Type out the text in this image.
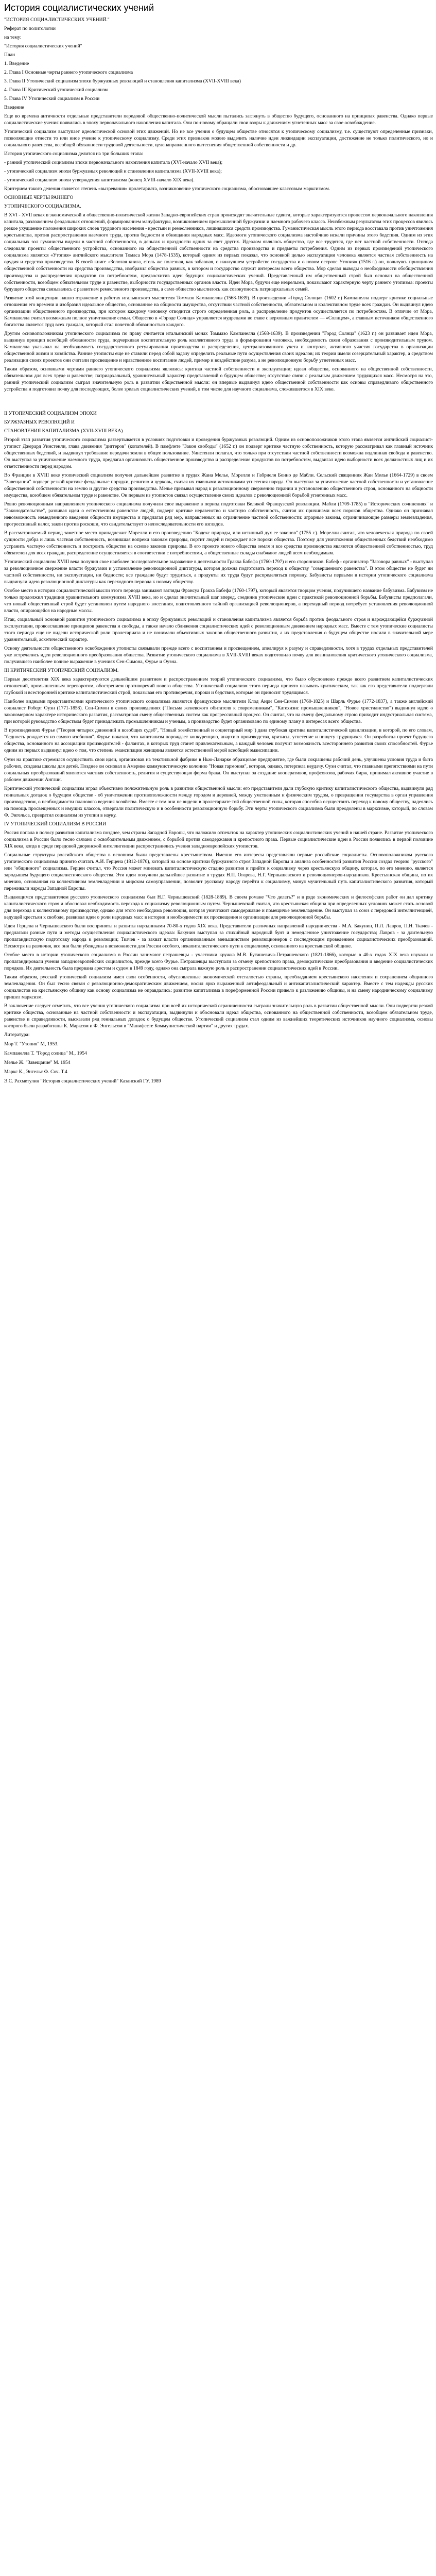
История социалистических учений

"ИСТОРИЯ СОЦИАЛИСТИЧЕСКИХ УЧЕНИЙ."

Реферат по политологии

на тему:

"История социалистических учений"

План

1. Введение

2. Глава I Основные черты раннего утопического социализма

3. Глава II Утопический социализм эпохи буржуазных революций и становления капитализма (XVII-XVIII века)

4. Глава III Критический утопический социализм

5. Глава IV Утопический социализм в России

Введение

Еще во времена античности отдельные представители передовой общественно-политической мысли пытались заглянуть в общество будущего, основанного на принципах равенства. Однако первые социалистические учения появились в эпоху первоначального накопления капитала. Они по-новому обращали свои взоры к движениям угнетенных масс за свое освобождение.

Утопический социализм выступает идеологической основой этих движений. Но не все учения о будущем обществе относятся к утопическому социализму, т.е. существуют определенные признаки, позволяющие отнести то или иное учение к утопическому социализму. Среди этих признаков можно выделить наличие идеи ликвидации эксплуатации, достижение не только политического, но и социального равенства, всеобщей обязанности трудовой деятельности, целенаправленного вытеснения общественной собственности и др.

История утопического социализма делится на три больших этапа:

- ранний утопический социализм эпохи первоначального накопления капитала (XVI-начало XVII века);

- утопический социализм эпохи буржуазных революций и становления капитализма (XVII-XVIII века);

- утопический социализм эпохи утверждения капитализма (конец XVIII-начало XIX века).

Критерием такого деления является степень «вызревания» пролетариата, возникновение утопического социализма, обосновавшее классовым марксизмом.

ОСНОВНЫЕ ЧЕРТЫ РАННЕГО

УТОПИЧЕСКОГО СОЦИАЛИЗМА.

В XVI - XVII веках в экономической и общественно-политической жизни Западно-европейских стран происходят значительные сдвиги, которые характеризуются процессом первоначального накопления капитала, разложением феодальных отношений, формированием мануфактуры, возникновением промышленной буржуазии и наемного рабочего класса. Неизбежным результатом этих процессов явилось резкое ухудшение положения широких слоев трудового населения - крестьян и ремесленников, лишившихся средств производства. Гуманистическая мысль этого периода восставала против уничтожения крестьянства, против распространения наемного труда, против бедности и обнищания народных масс. Идеологи утопического социализма настойчиво искали причины этого бедствия. Одним из этих социальных зол гуманисты видели в частной собственности, в деньгах и праздности одних за счет других. Идеалом являлось общество, где все трудятся, где нет частной собственности. Отсюда следовали проекты общественного устройства, основанного на общественной собственности на средства производства и предметы потребления. Одним из первых произведений утопического социализма является «Утопия» английского мыслителя Томаса Мора (1478-1535), который одним из первых показал, что основной целью эксплуатации человека является частная собственность на орудия и средства производства. В своей книге «Золотая книга, столь же полезная, как забавная, о наилучшем устройстве государства и о новом острове Утопия» (1516 г.) он, пользуясь принципом общественной собственности на средства производства, изобразил общество равных, в котором и государство служит интересам всего общества. Мор сделал выводы о необходимости обобществления производства и распределения продуктов по потребностям, предвосхитив идеи будущих социалистических учений. Представленный им общественный строй был основан на общественной собственности, всеобщем обязательном труде и равенстве, выборности государственных органов власти. Идеи Мора, будучи еще незрелыми, показывают характерную черту раннего утопизма: проекты будущего общества связывались с развитием ремесленного производства, а само общество мыслилось как совокупность патриархальных семей.

Развитие этой концепции нашло отражение в работах итальянского мыслителя Томмазо Кампанеллы (1568-1639). В произведении «Город Солнца» (1602 г.) Кампанелла подверг критике социальные отношения его времени и изобразил идеальное общество, основанное на общности имущества, отсутствии частной собственности, обязательном и коллективном труде всех граждан. Он выдвинул идею организации общественного производства, при котором каждому человеку отводится строго определенная роль, а распределение продуктов осуществляется по потребностям. В отличие от Мора, Кампанелла считал возможным полное уничтожение семьи. Общество в «Городе Солнца» управляется мудрецами во главе с верховным правителем — «Солнцем», а главным источником общественного богатства является труд всех граждан, который стал почетной обязанностью каждого.

Другим основоположником утопического социализма по праву считается итальянский монах Томмазо Кампанелла (1568-1639). В произведении "Город Солнца" (1623 г.) он развивает идеи Мора, выдвинув принцип всеобщей обязанности труда, подчеркивая воспитательную роль коллективного труда в формировании человека, необходимость связи образования с производительным трудом. Кампанелла указывал на необходимость государственного регулирования производства и распределения, централизованного учета и контроля, активного участия государства в организации общественной жизни и хозяйства. Ранние утописты еще не ставили перед собой задачу определить реальные пути осуществления своих идеалов; их теории имели созерцательный характер, а средством реализации своих проектов они считали просвещение и нравственное воспитание людей, пример и воздействие разума, а не революционную борьбу угнетенных масс.

Таким образом, основными чертами раннего утопического социализма являлись: критика частной собственности и эксплуатации; идеал общества, основанного на общественной собственности, обязательном для всех труде и равенстве; патриархальный, уравнительный характер представлений о будущем обществе; отсутствие связи с реальным движением трудящихся масс. Несмотря на это, ранний утопический социализм сыграл значительную роль в развитии общественной мысли: он впервые выдвинул идею общественной собственности как основы справедливого общественного устройства и подготовил почву для последующих, более зрелых социалистических учений, в том числе для научного социализма, сложившегося в XIX веке.

II УТОПИЧЕСКИЙ СОЦИАЛИЗМ ЭПОХИ

БУРЖУАЗНЫХ РЕВОЛЮЦИЙ И

СТАНОВЛЕНИЯ КАПИТАЛИЗМА (XVII-XVIII ВЕКА)

Второй этап развития утопического социализма развертывается в условиях подготовки и проведения буржуазных революций. Одним из основоположников этого этапа является английский социалист-утопист Джерард Уинстенли, глава движения "диггеров" (копателей). В памфлете "Закон свободы" (1652 г.) он подверг критике частную собственность, которую рассматривал как главный источник общественных бедствий, и выдвинул требование передачи земли в общее пользование. Уинстенли полагал, что только при отсутствии частной собственности возможна подлинная свобода и равенство. Он выступал за уничтожение наемного труда, предлагал организовать общественное производство и распределение продуктов по потребностям, выдвигал идею выборности всех должностных лиц и их ответственности перед народом.

Во Франции в XVIII веке утопический социализм получил дальнейшее развитие в трудах Жана Мелье, Морелли и Габриеля Бонно де Мабли. Сельский священник Жан Мелье (1664-1729) в своем "Завещании" подверг резкой критике феодальные порядки, религию и церковь, считая их главными источниками угнетения народа. Он выступал за уничтожение частной собственности и установление общественной собственности на землю и другие средства производства. Мелье призывал народ к революционному свержению тирании и установлению общественного строя, основанного на общности имущества, всеобщем обязательном труде и равенстве. Он первым из утопистов связал осуществление своих идеалов с революционной борьбой угнетенных масс.

Ровно революционным направлением утопического социализма получили свое выражение в период подготовки Великой Французской революции. Мабли (1709-1785) в "Исторических сочинениях" и "Законодательстве", развивая идеи о естественном равенстве людей, подверг критике неравенство и частную собственность, считая их причинами всех пороков общества. Однако он признавал невозможность немедленного введения общности имущества и предлагал ряд мер, направленных на ограничение частной собственности: аграрные законы, ограничивающие размеры землевладения, прогрессивный налог, закон против роскоши, что свидетельствует о непоследовательности его взглядов.

В рассматриваемый период заметное место принадлежит Морелли и его произведению "Кодекс природы, или истинный дух ее законов" (1755 г.). Морелли считал, что человеческая природа по своей сущности добра и лишь частная собственность, возникшая вопреки законам природы, портит людей и порождает все пороки общества. Поэтому для уничтожения общественных бедствий необходимо устранить частную собственность и построить общество на основе законов природы. В его проекте нового общества земля и все средства производства являются общественной собственностью, труд обязателен для всех граждан, распределение осуществляется в соответствии с потребностями, а общественные склады снабжают людей всем необходимым.

Утопический социализм XVIII века получил свое наиболее последовательное выражение в деятельности Гракха Бабефа (1760-1797) и его сторонников. Бабеф - организатор "Заговора равных" - выступал за революционное свержение власти буржуазии и установление революционной диктатуры, которая должна подготовить переход к обществу "совершенного равенства". В этом обществе не будет ни частной собственности, ни эксплуатации, ни бедности; все граждане будут трудиться, а продукты их труда будут распределяться поровну. Бабувисты первыми в истории утопического социализма выдвинули идею революционной диктатуры как переходного периода к новому обществу.

Особое место в истории социалистической мысли этого периода занимают взгляды Франсуа Гракха Бабефа (1760-1797), который является творцом учения, получившего название бабувизма. Бабувизм не только продолжил традиции уравнительного коммунизма XVIII века, но и сделал значительный шаг вперед, соединив утопические идеи с практикой революционной борьбы. Бабувисты предполагали, что новый общественный строй будет установлен путем народного восстания, подготовленного тайной организацией революционеров, а переходный период потребует установления революционной власти, опирающейся на народные массы.

Итак, социальный основной развития утопического социализма в эпоху буржуазных революций и становления капитализма является борьба против феодального строя и нарождающейся буржуазной эксплуатации, провозглашение принципов равенства и свободы, а также начало сближения социалистических идей с революционным движением народных масс. Вместе с тем утопические социалисты этого периода еще не видели исторической роли пролетариата и не понимали объективных законов общественного развития, а их представления о будущем обществе носили в значительной мере уравнительный, аскетический характер.

Основу деятельности общественного освобождения утописты связывали прежде всего с воспитанием и просвещением, апеллируя к разуму и справедливости, хотя в трудах отдельных представителей уже встречались идеи революционного преобразования общества. Развитие утопического социализма в XVII-XVIII веках подготовило почву для возникновения критического утопического социализма, получившего наиболее полное выражение в учениях Сен-Симона, Фурье и Оуэна.

III КРИТИЧЕСКИЙ УТОПИЧЕСКИЙ СОЦИАЛИЗМ.

Первые десятилетия XIX века характеризуются дальнейшим развитием и распространением теорий утопического социализма, что было обусловлено прежде всего развитием капиталистических отношений, промышленным переворотом, обострением противоречий нового общества. Утопический социализм этого периода принято называть критическим, так как его представители подвергали глубокой и всесторонней критике капиталистический строй, показывая его противоречия, пороки и бедствия, которые он приносит трудящимся.

Наиболее видными представителями критического утопического социализма являются французские мыслители Клод Анри Сен-Симон (1760-1825) и Шарль Фурье (1772-1837), а также английский социалист Роберт Оуэн (1771-1858). Сен-Симон в своих произведениях ("Письма женевского обитателя к современникам", "Катехизис промышленников", "Новое христианство") выдвинул идею о закономерном характере исторического развития, рассматривая смену общественных систем как прогрессивный процесс. Он считал, что на смену феодальному строю приходит индустриальная система, при которой руководство обществом будет принадлежать промышленникам и ученым, а производство будет организовано по единому плану в интересах всего общества.

В произведениях Фурье ("Теория четырех движений и всеобщих судеб", "Новый хозяйственный и социетарный мир") дана глубокая критика капиталистической цивилизации, в которой, по его словам, "бедность рождается из самого изобилия". Фурье показал, что капитализм порождает конкуренцию, анархию производства, кризисы, угнетение и нищету трудящихся. Он разработал проект будущего общества, основанного на ассоциации производителей - фалангах, в которых труд станет привлекательным, а каждый человек получит возможность всестороннего развития своих способностей. Фурье одним из первых выдвинул идею о том, что степень эмансипации женщины является естественной мерой всеобщей эмансипации.

Оуэн на практике стремился осуществить свои идеи, организовав на текстильной фабрике в Нью-Ланарке образцовое предприятие, где были сокращены рабочий день, улучшены условия труда и быта рабочих, созданы школы для детей. Позднее он основал в Америке коммунистическую колонию "Новая гармония", которая, однако, потерпела неудачу. Оуэн считал, что главными препятствиями на пути социальных преобразований являются частная собственность, религия и существующая форма брака. Он выступал за создание кооперативов, профсоюзов, рабочих бирж, принимал активное участие в рабочем движении Англии.

Критический утопический социализм играл объективно положительную роль в развитии общественной мысли: его представители дали глубокую критику капиталистического общества, выдвинули ряд гениальных догадок о будущем обществе - об уничтожении противоположности между городом и деревней, между умственным и физическим трудом, о превращении государства в орган управления производством, о необходимости планового ведения хозяйства. Вместе с тем они не видели в пролетариате той общественной силы, которая способна осуществить переход к новому обществу, надеялись на помощь просвещенных и имущих классов, отвергали политическую и в особенности революционную борьбу. Эти черты утопического социализма были преодолены в марксизме, который, по словам Ф. Энгельса, превратил социализм из утопии в науку.

IV УТОПИЧЕСКИЙ СОЦИАЛИЗМ В РОССИИ

Россия попала в полосу развития капитализма позднее, чем страны Западной Европы, что наложило отпечаток на характер утопических социалистических учений в нашей стране. Развитие утопического социализма в России было тесно связано с освободительным движением, с борьбой против самодержавия и крепостного права. Первые социалистические идеи в России появились в первой половине XIX века, когда в среде передовой дворянской интеллигенции распространились учения западноевропейских утопистов.

Социальные структуры российского общества в основном были представлены крестьянством. Именно его интересы представляли первые российские социалисты. Основоположником русского утопического социализма принято считать А.И. Герцена (1812-1870), который на основе критики буржуазного строя Западной Европы и анализа особенностей развития России создал теорию "русского" или "общинного" социализма. Герцен считал, что Россия может миновать капиталистическую стадию развития и прийти к социализму через крестьянскую общину, которая, по его мнению, является зародышем будущего социалистического общества. Эти идеи получили дальнейшее развитие в трудах Н.П. Огарева, Н.Г. Чернышевского и революционеров-народников. Крестьянская община, по их мнению, основанная на коллективном землевладении и мирском самоуправлении, позволит русскому народу перейти к социализму, минуя мучительный путь капиталистического развития, который переживали народы Западной Европы.

Выдающимся представителем русского утопического социализма был Н.Г. Чернышевский (1828-1889). В своем романе "Что делать?" и в ряде экономических и философских работ он дал критику капиталистического строя и обосновал необходимость перехода к социализму революционным путем. Чернышевский считал, что крестьянская община при определенных условиях может стать основой для перехода к коллективному производству, однако для этого необходима революция, которая уничтожит самодержавие и помещичье землевладение. Он выступал за союз с передовой интеллигенцией, ведущей крестьян к свободе, развивал идеи о роли народных масс в истории и необходимости их просвещения и организации для революционной борьбы.

Идеи Герцена и Чернышевского были восприняты и развиты народниками 70-80-х годов XIX века. Представители различных направлений народничества - М.А. Бакунин, П.Л. Лавров, П.Н. Ткачев - предлагали разные пути и методы осуществления социалистического идеала: Бакунин выступал за стихийный народный бунт и немедленное уничтожение государства; Лавров - за длительную пропагандистскую подготовку народа к революции; Ткачев - за захват власти организованным меньшинством революционеров с последующим проведением социалистических преобразований. Несмотря на различия, все они были убеждены в возможности для России особого, некапиталистического пути к социализму, основанного на крестьянской общине.

Особое место в истории утопического социализма в России занимают петрашевцы - участники кружка М.В. Буташевича-Петрашевского (1821-1866), которые в 40-х годах XIX века изучали и пропагандировали учения западноевропейских социалистов, прежде всего Фурье. Петрашевцы выступали за отмену крепостного права, демократические преобразования и введение социалистических порядков. Их деятельность была прервана арестом и судом в 1849 году, однако она сыграла важную роль в распространении социалистических идей в России.

Таким образом, русский утопический социализм имел свои особенности, обусловленные экономической отсталостью страны, преобладанием крестьянского населения и сохранением общинного землевладения. Он был тесно связан с революционно-демократическим движением, носил ярко выраженный антифеодальный и антикапиталистический характер. Вместе с тем надежды русских социалистов на крестьянскую общину как основу социализма не оправдались: развитие капитализма в пореформенной России привело к разложению общины, и на смену народническому социализму пришел марксизм.

В заключение следует отметить, что все учения утопического социализма при всей их исторической ограниченности сыграли значительную роль в развитии общественной мысли. Они подвергли резкой критике общества, основанные на частной собственности и эксплуатации, выдвинули и обосновали идеал общества, основанного на общественной собственности, всеобщем обязательном труде, равенстве и справедливости, высказали ряд гениальных догадок о будущем обществе. Утопический социализм стал одним из важнейших теоретических источников научного социализма, основы которого были разработаны К. Марксом и Ф. Энгельсом в "Манифесте Коммунистической партии" и других трудах.

Литература:

Мор Т. "Утопия" М, 1953.

Кампанелла Т. "Город солнца" М., 1954

Мелье Ж. "Завещание" М. 1954

Маркс К., Энгельс Ф. Соч. Т.4

Э.С. Рахметулин "История социалистических учений" Казанский ГУ, 1989
